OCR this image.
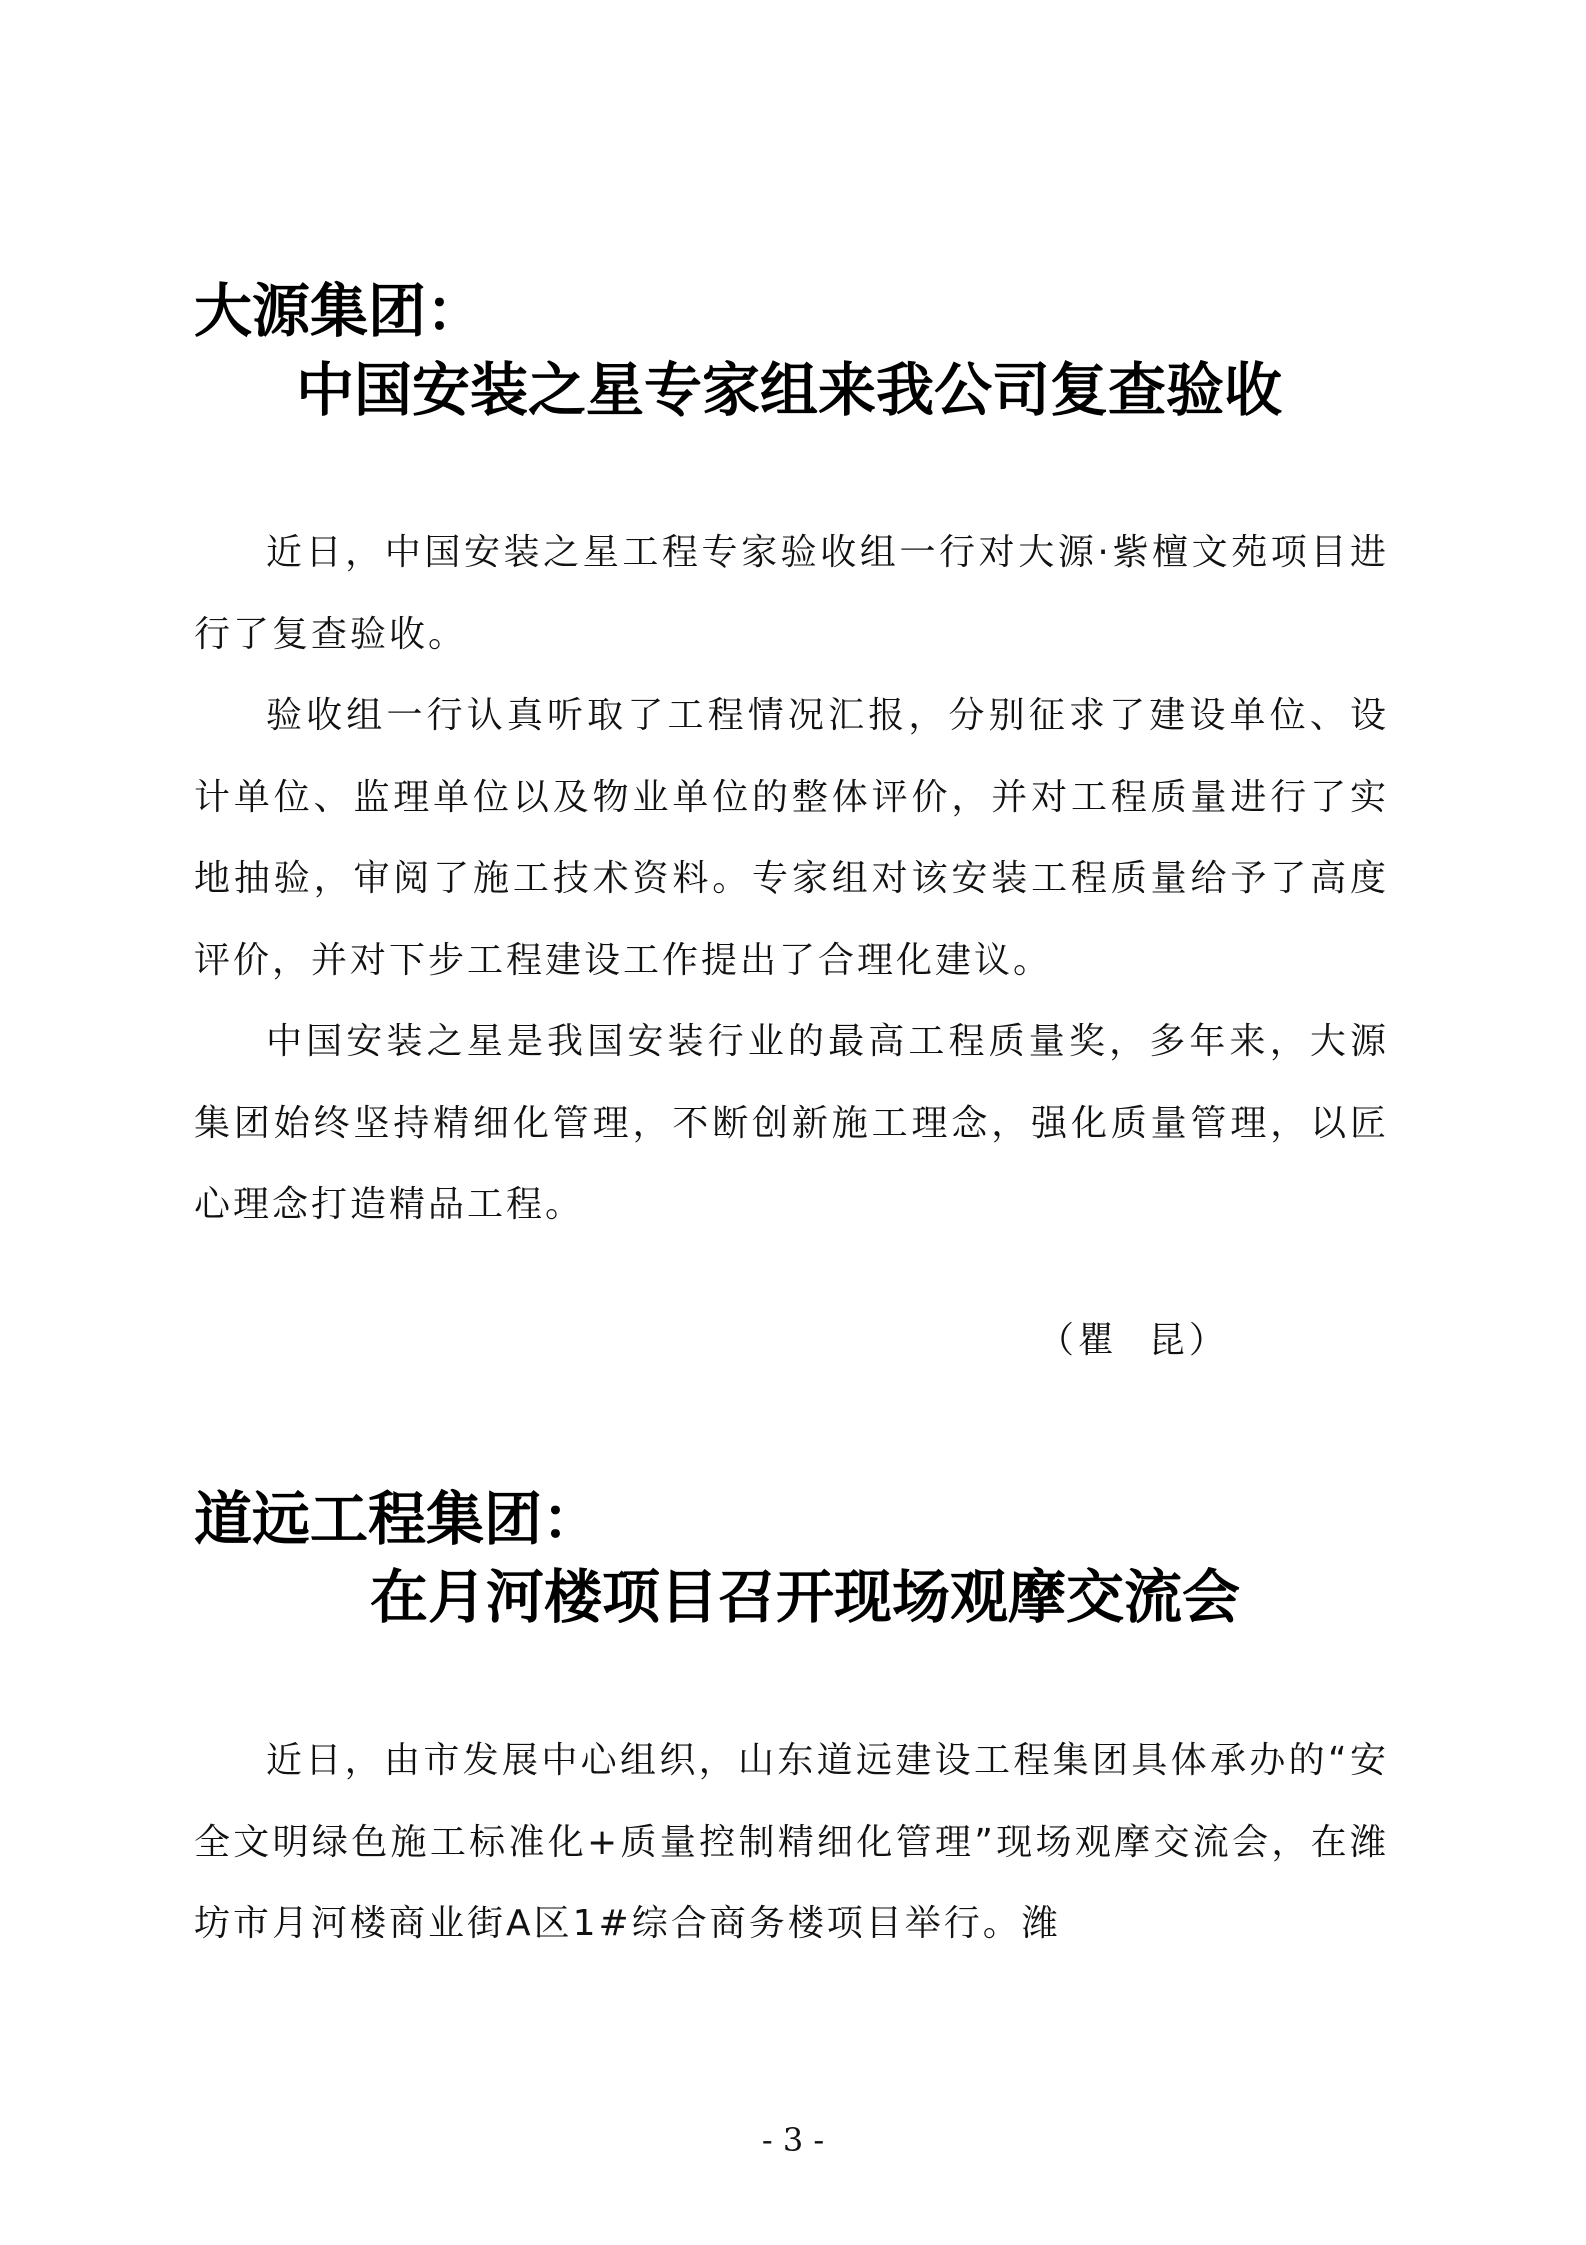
大源集团：
中国安装之星专家组来我公司复查验收

近日，中国安装之星工程专家验收组一行对大源·紫檀文苑项目进行了复查验收。

验收组一行认真听取了工程情况汇报，分别征求了建设单位、设计单位、监理单位以及物业单位的整体评价，并对工程质量进行了实地抽验，审阅了施工技术资料。专家组对该安装工程质量给予了高度评价，并对下步工程建设工作提出了合理化建议。

中国安装之星是我国安装行业的最高工程质量奖，多年来，大源集团始终坚持精细化管理，不断创新施工理念，强化质量管理，以匠心理念打造精品工程。

（瞿  昆）
道远工程集团：
在月河楼项目召开现场观摩交流会

近日，由市发展中心组织，山东道远建设工程集团具体承办的“安全文明绿色施工标准化+质量控制精细化管理”现场观摩交流会，在潍坊市月河楼商业街A区1#综合商务楼项目举行。潍

- 3 -
